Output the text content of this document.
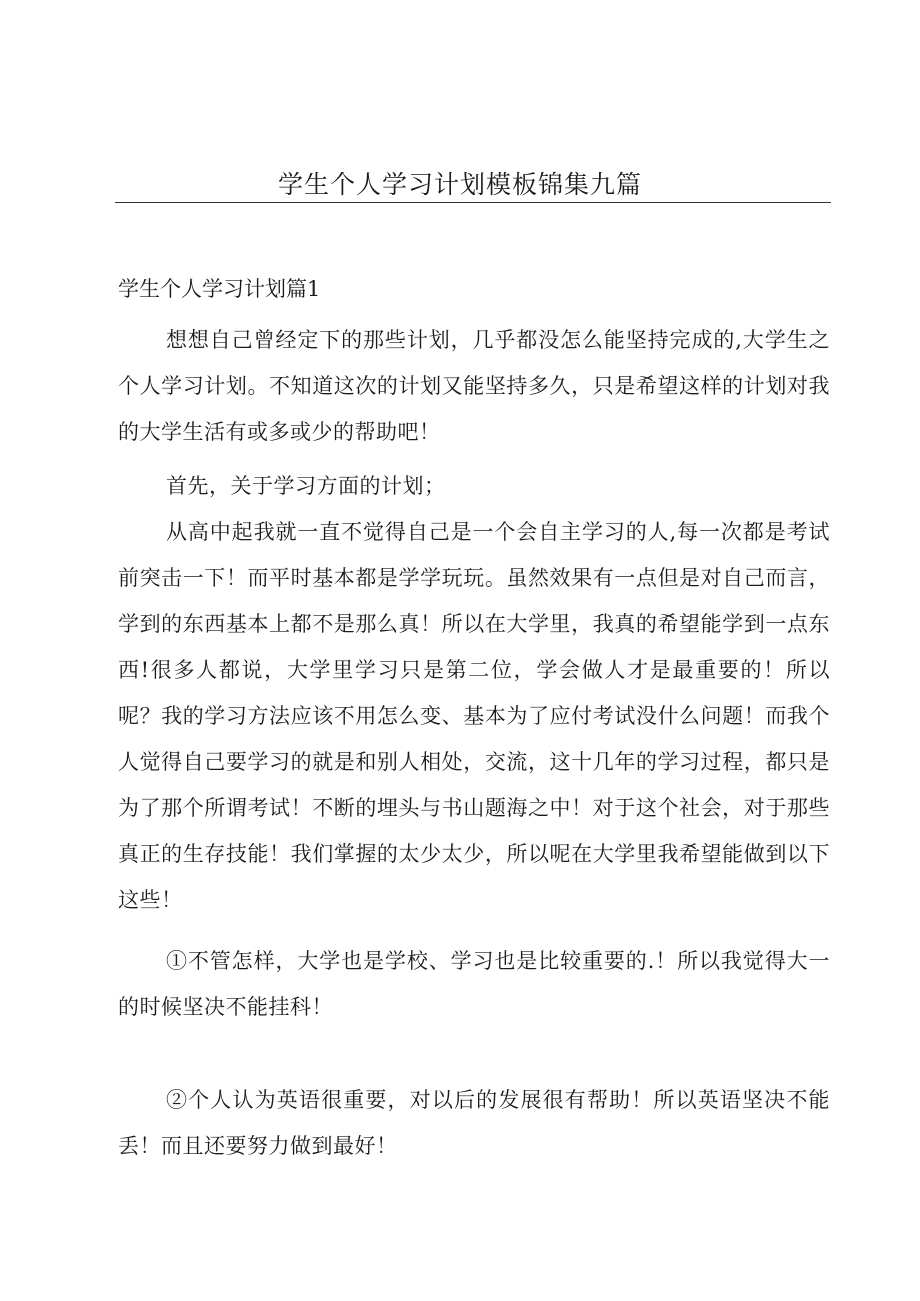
学生个人学习计划模板锦集九篇
学生个人学习计划篇1

想想自己曾经定下的那些计划，几乎都没怎么能坚持完成的,大学生之个人学习计划。不知道这次的计划又能坚持多久，只是希望这样的计划对我的大学生活有或多或少的帮助吧！

首先，关于学习方面的计划；

从高中起我就一直不觉得自己是一个会自主学习的人,每一次都是考试前突击一下！而平时基本都是学学玩玩。虽然效果有一点但是对自己而言，学到的东西基本上都不是那么真！所以在大学里，我真的希望能学到一点东西!很多人都说，大学里学习只是第二位，学会做人才是最重要的！所以呢？我的学习方法应该不用怎么变、基本为了应付考试没什么问题！而我个人觉得自己要学习的就是和别人相处，交流，这十几年的学习过程，都只是为了那个所谓考试！不断的埋头与书山题海之中！对于这个社会，对于那些真正的生存技能！我们掌握的太少太少，所以呢在大学里我希望能做到以下这些！

①不管怎样，大学也是学校、学习也是比较重要的.！所以我觉得大一的时候坚决不能挂科！

②个人认为英语很重要，对以后的发展很有帮助！所以英语坚决不能丢！而且还要努力做到最好！
